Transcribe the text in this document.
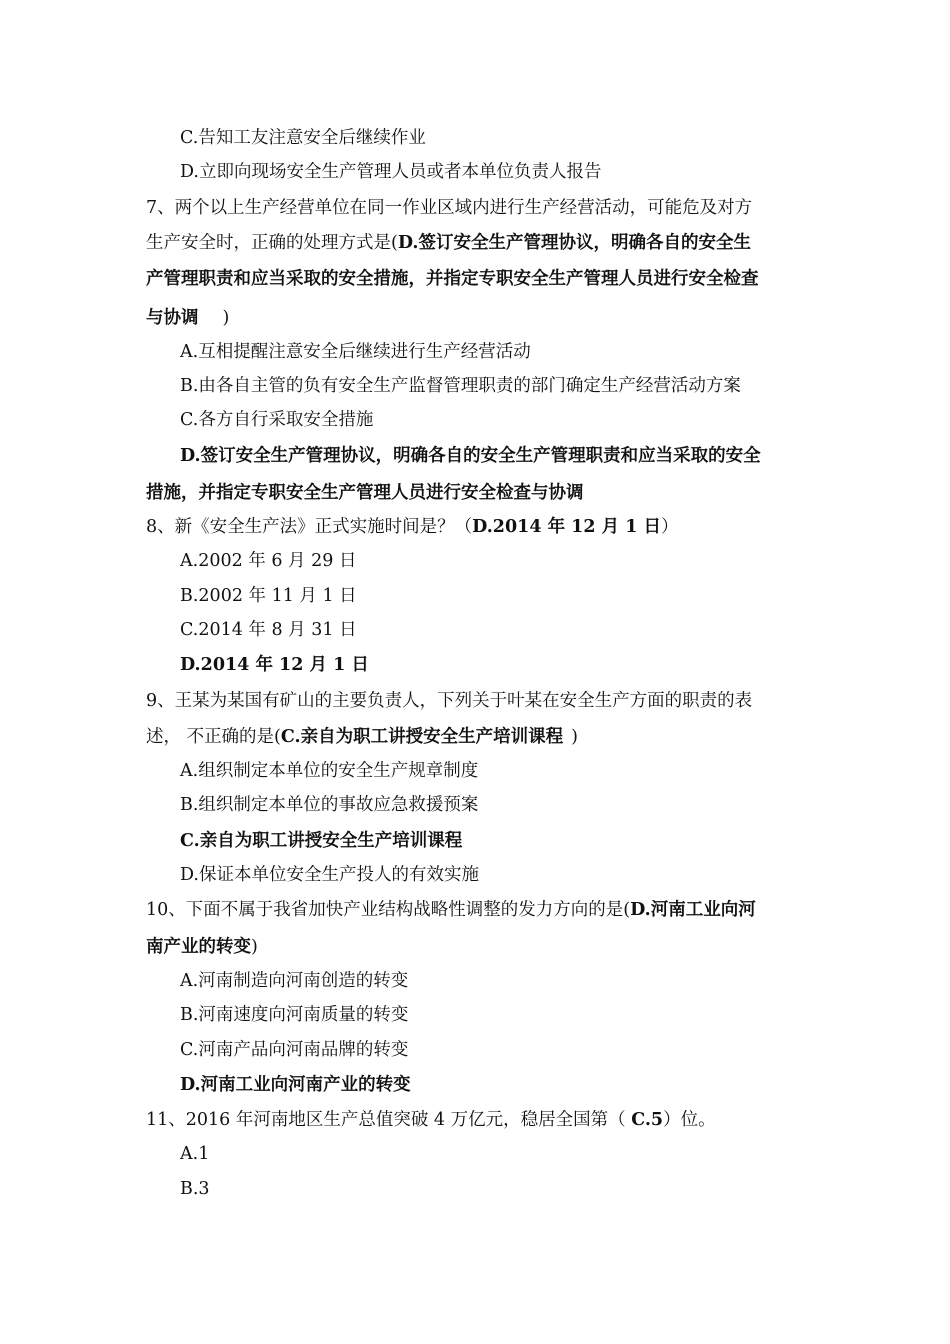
C.告知工友注意安全后继续作业
D.立即向现场安全生产管理人员或者本单位负责人报告
7、两个以上生产经营单位在同一作业区域内进行生产经营活动，可能危及对方
生产安全时，正确的处理方式是(D.签订安全生产管理协议，明确各自的安全生
产管理职责和应当采取的安全措施，并指定专职安全生产管理人员进行安全检查
与协调 )
A.互相提醒注意安全后继续进行生产经营活动
B.由各自主管的负有安全生产监督管理职责的部门确定生产经营活动方案
C.各方自行采取安全措施
D.签订安全生产管理协议，明确各自的安全生产管理职责和应当采取的安全
措施，并指定专职安全生产管理人员进行安全检查与协调
8、新《安全生产法》正式实施时间是？（D.2014 年 12 月 1 日）
A.2002 年 6 月 29 日
B.2002 年 11 月 1 日
C.2014 年 8 月 31 日
D.2014 年 12 月 1 日
9、王某为某国有矿山的主要负责人，下列关于叶某在安全生产方面的职责的表
述， 不正确的是(C.亲自为职工讲授安全生产培训课程 )
A.组织制定本单位的安全生产规章制度
B.组织制定本单位的事故应急救援预案
C.亲自为职工讲授安全生产培训课程
D.保证本单位安全生产投人的有效实施
10、下面不属于我省加快产业结构战略性调整的发力方向的是(D.河南工业向河
南产业的转变)
A.河南制造向河南创造的转变
B.河南速度向河南质量的转变
C.河南产品向河南品牌的转变
D.河南工业向河南产业的转变
11、2016 年河南地区生产总值突破 4 万亿元，稳居全国第（ C.5）位。
A.1
B.3
